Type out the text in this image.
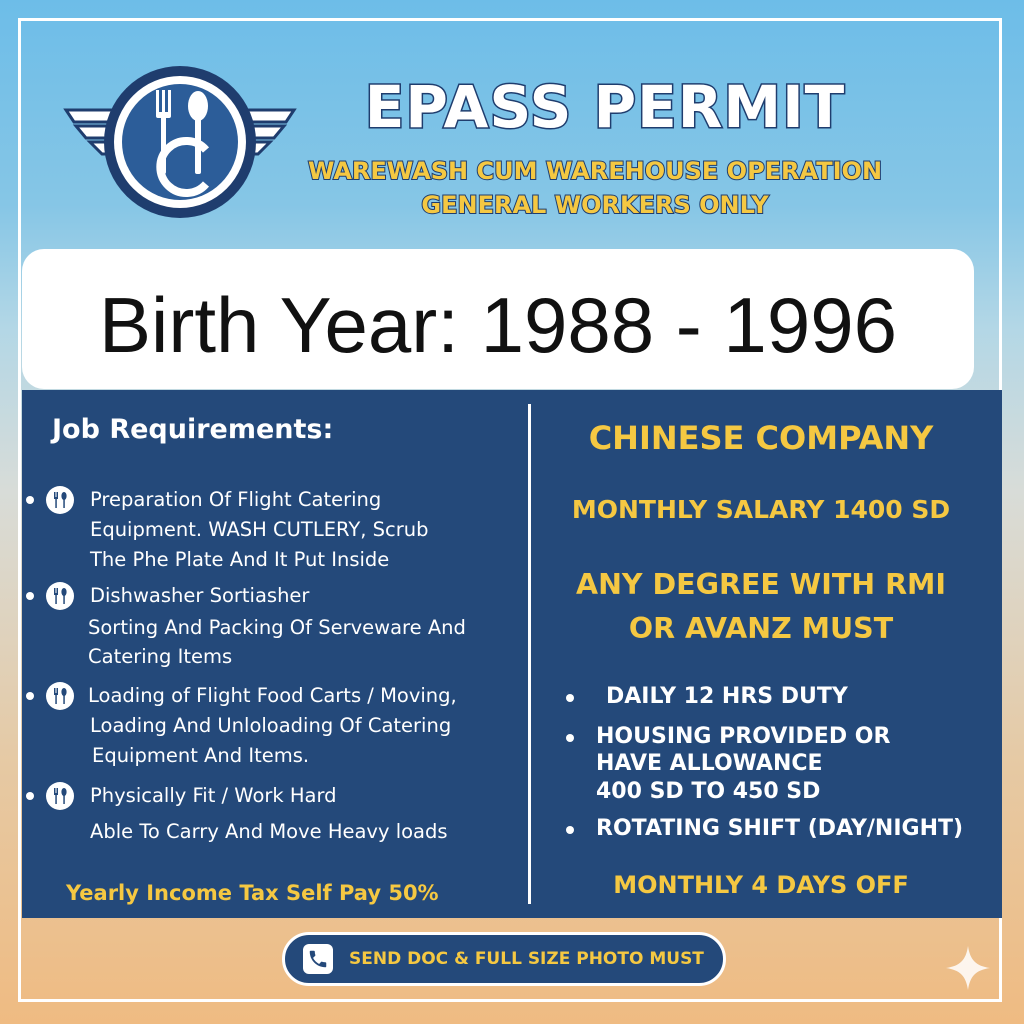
EPASS PERMIT

WAREWASH CUM WAREHOUSE OPERATION

GENERAL WORKERS ONLY

Birth Year: 1988 - 1996
Job Requirements:
Preparation Of Flight Catering
Equipment. WASH CUTLERY, Scrub
The Phe Plate And It Put Inside
Dishwasher Sortiasher
Sorting And Packing Of Serveware And
Catering Items
Loading of Flight Food Carts / Moving,
Loading And Unloloading Of Catering
Equipment And Items.
Physically Fit / Work Hard
Able To Carry And Move Heavy loads
Yearly Income Tax Self Pay 50%

CHINESE COMPANY

MONTHLY SALARY 1400 SD

ANY DEGREE WITH RMI

OR AVANZ MUST

DAILY 12 HRS DUTY
HOUSING PROVIDED OR
HAVE ALLOWANCE
400 SD TO 450 SD
ROTATING SHIFT (DAY/NIGHT)

MONTHLY 4 DAYS OFF

SEND DOC & FULL SIZE PHOTO MUST
